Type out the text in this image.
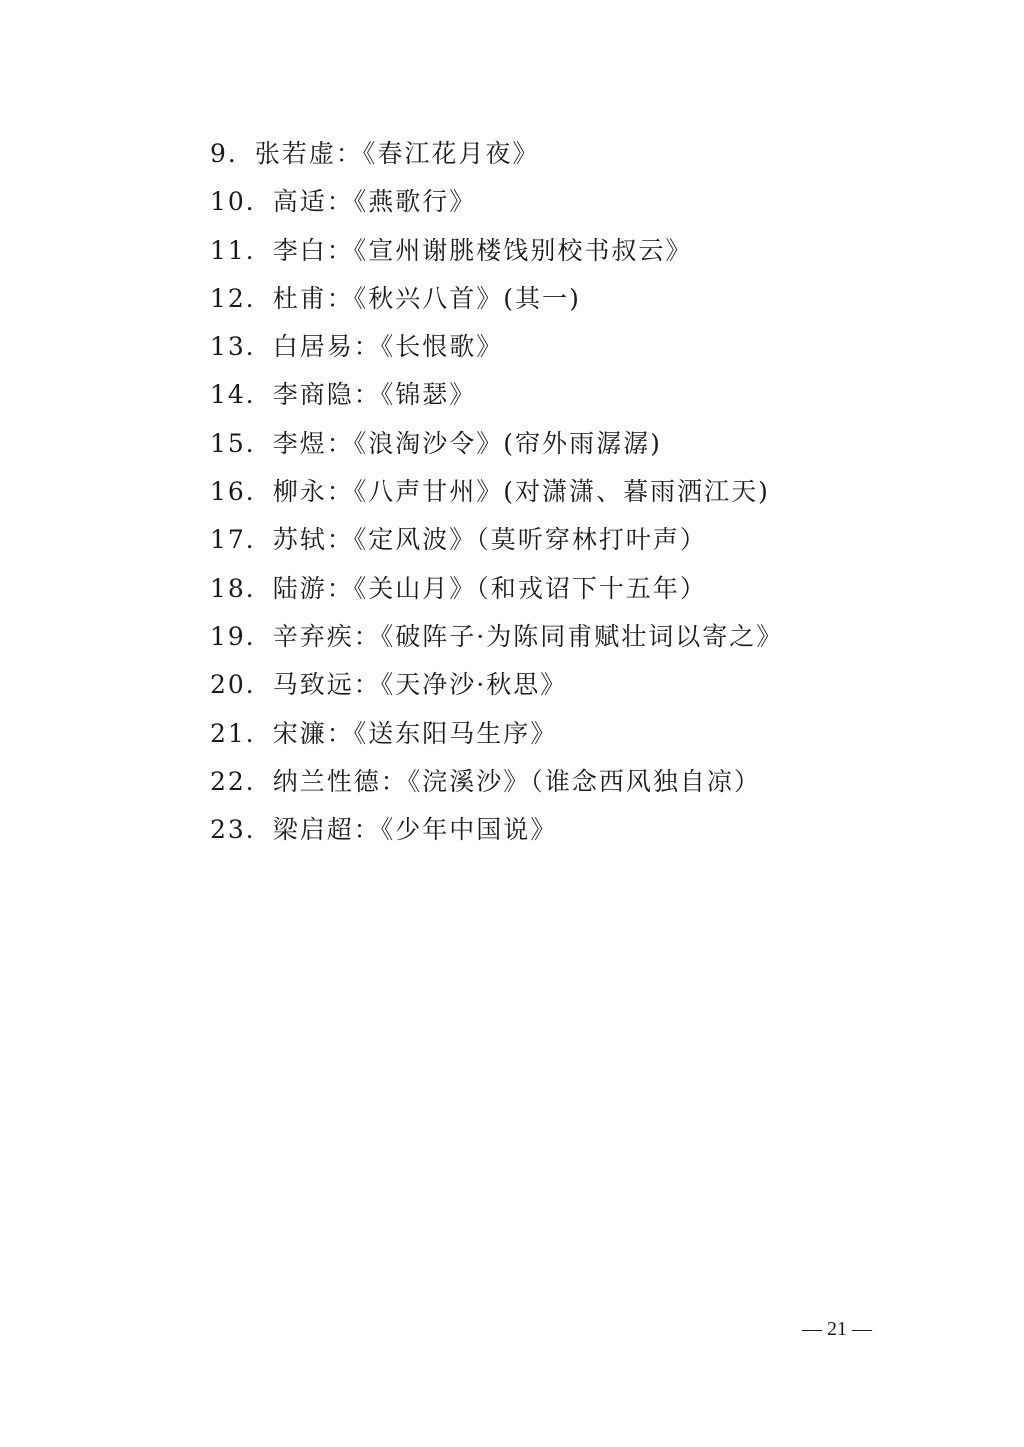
9．张若虚：《春江花月夜》
10．高适：《燕歌行》
11．李白：《宣州谢朓楼饯别校书叔云》
12．杜甫：《秋兴八首》(其一)
13．白居易：《长恨歌》
14．李商隐：《锦瑟》
15．李煜：《浪淘沙令》(帘外雨潺潺)
16．柳永：《八声甘州》(对潇潇、暮雨洒江天)
17．苏轼：《定风波》（莫听穿林打叶声）
18．陆游：《关山月》（和戎诏下十五年）
19．辛弃疾：《破阵子·为陈同甫赋壮词以寄之》
20．马致远：《天净沙·秋思》
21．宋濂：《送东阳马生序》
22．纳兰性德：《浣溪沙》（谁念西风独自凉）
23．梁启超：《少年中国说》
— 21 —
